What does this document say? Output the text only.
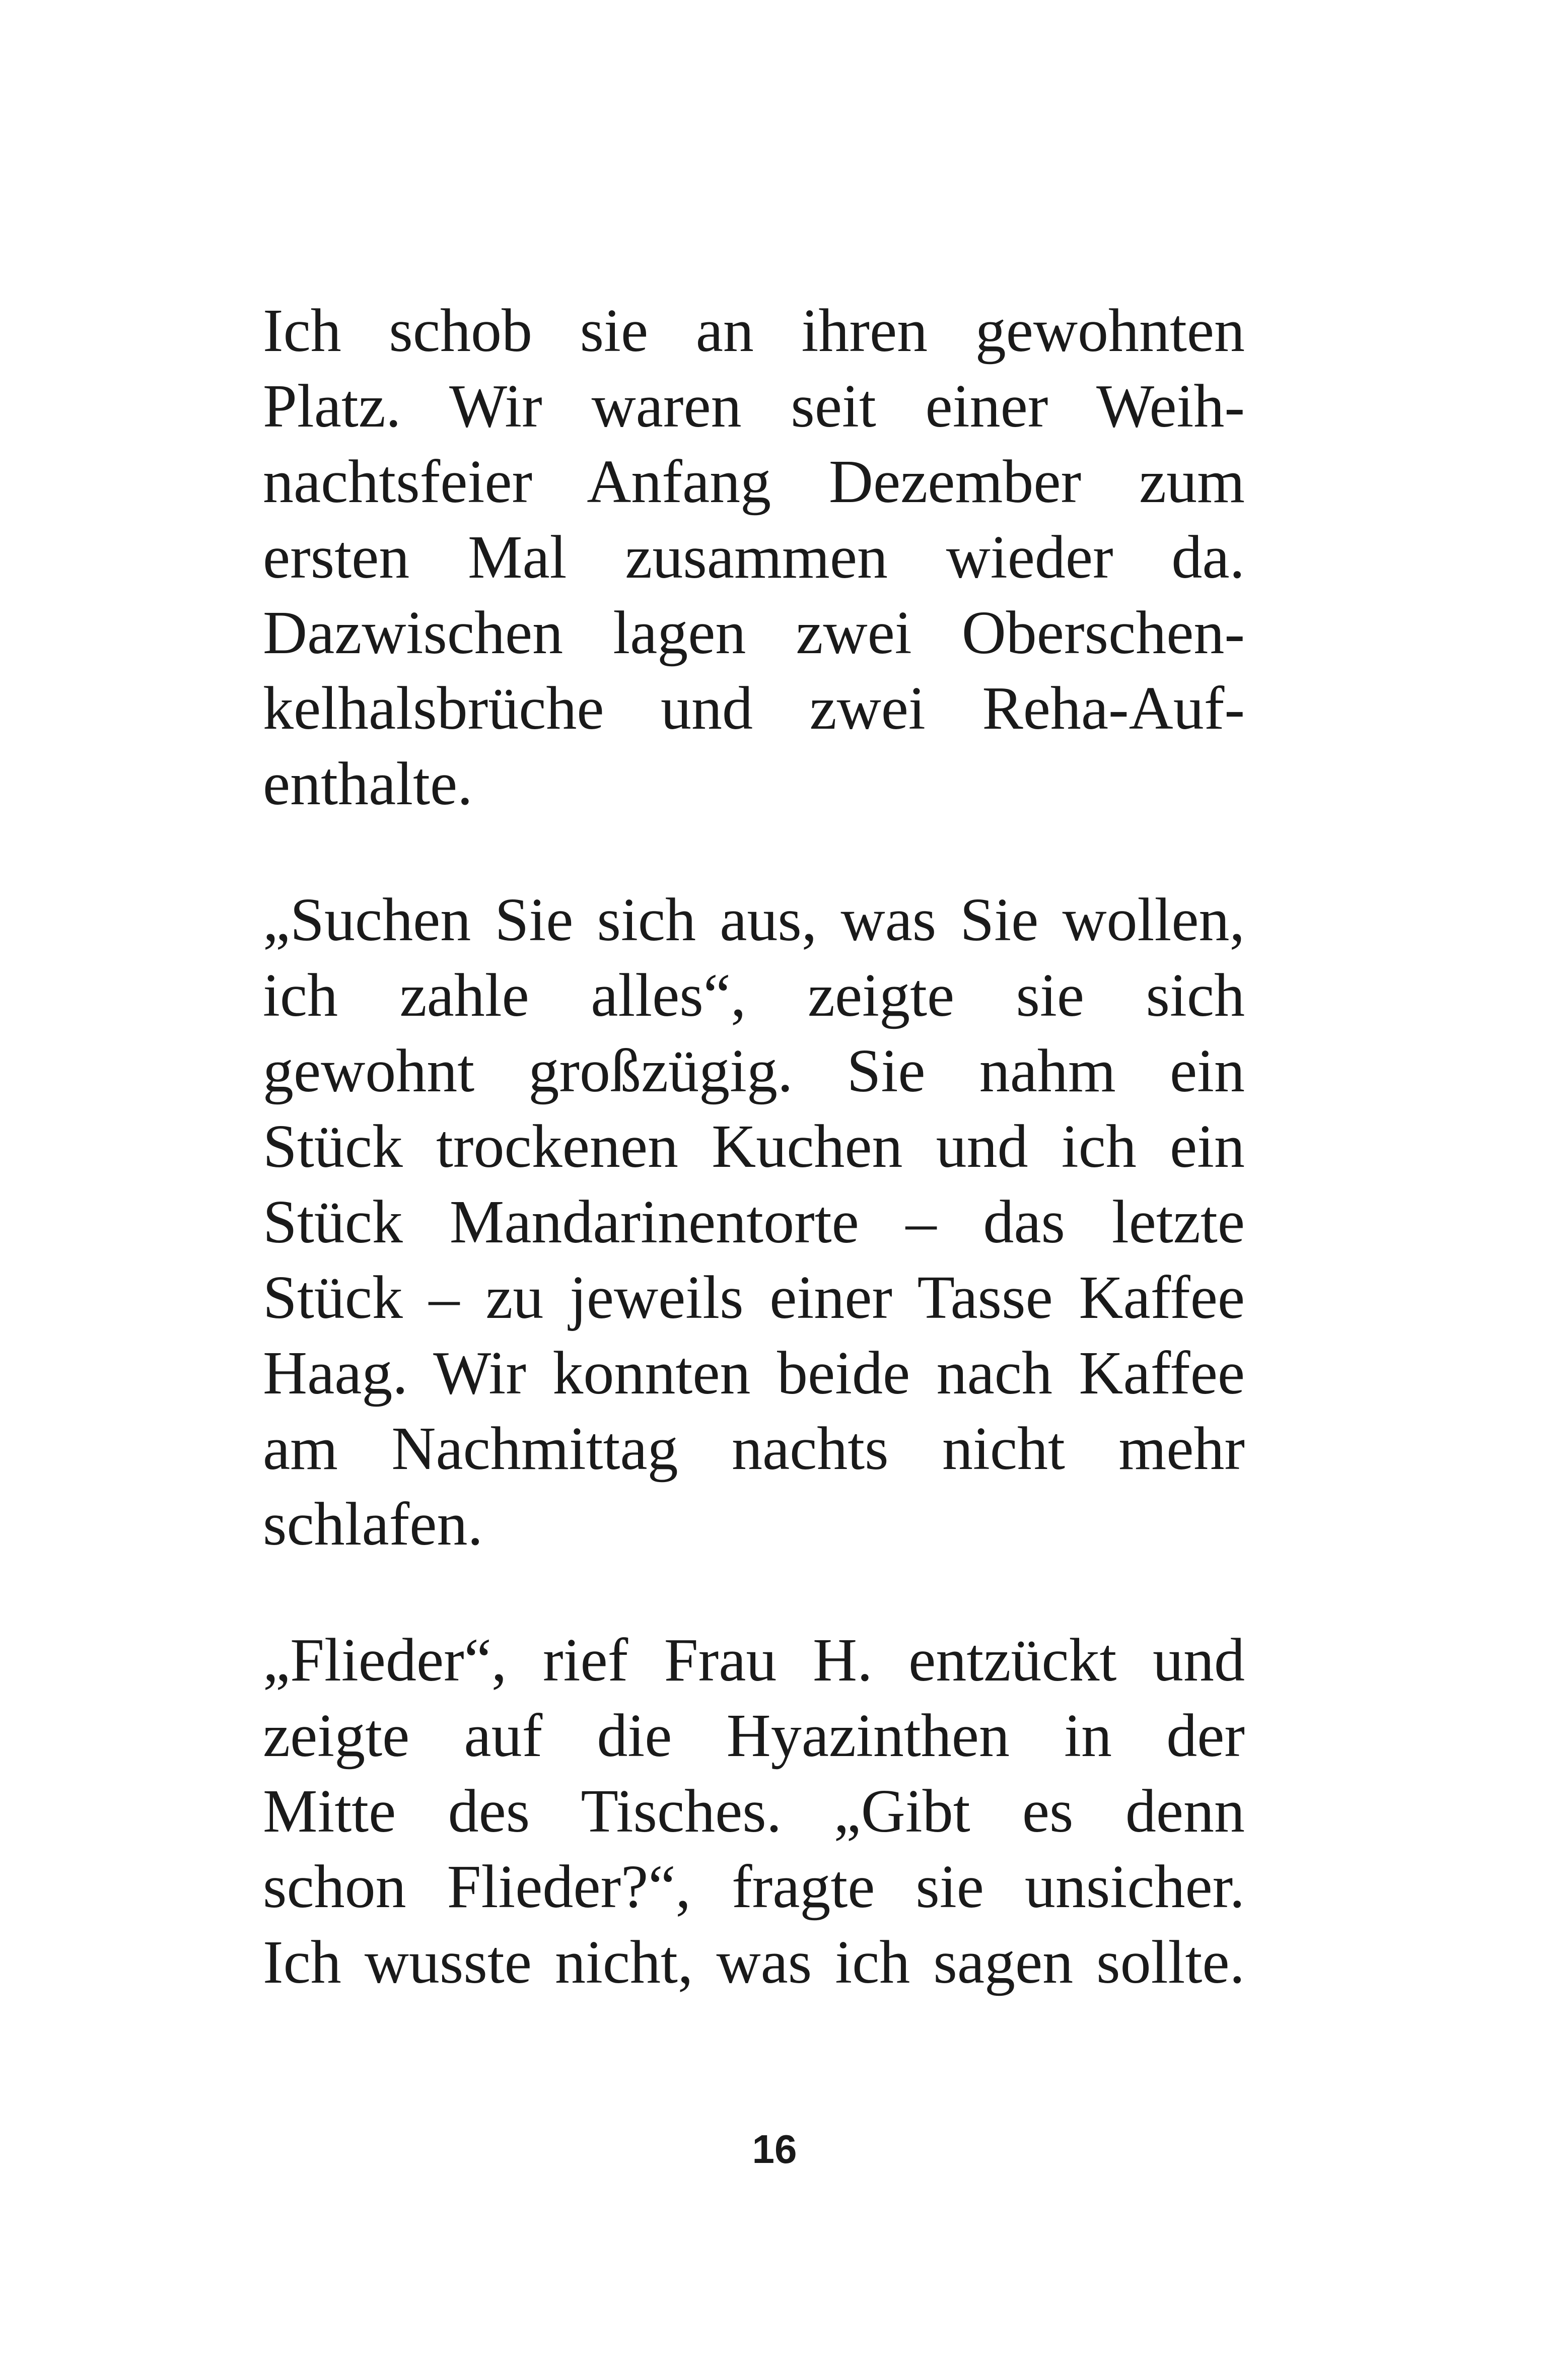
Ich schob sie an ihren gewohnten
Platz. Wir waren seit einer Weih-
nachtsfeier Anfang Dezember zum
ersten Mal zusammen wieder da.
Dazwischen lagen zwei Oberschen-
kelhalsbrüche und zwei Reha-Auf-
enthalte.
„Suchen Sie sich aus, was Sie wollen,
ich zahle alles“, zeigte sie sich
gewohnt großzügig. Sie nahm ein
Stück trockenen Kuchen und ich ein
Stück Mandarinentorte – das letzte
Stück – zu jeweils einer Tasse Kaffee
Haag. Wir konnten beide nach Kaffee
am Nachmittag nachts nicht mehr
schlafen.
„Flieder“, rief Frau H. entzückt und
zeigte auf die Hyazinthen in der
Mitte des Tisches. „Gibt es denn
schon Flieder?“, fragte sie unsicher.
Ich wusste nicht, was ich sagen sollte.
16
